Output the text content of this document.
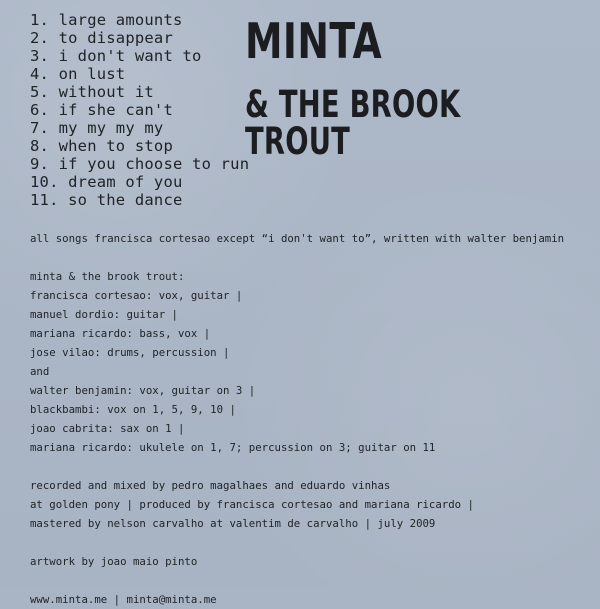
1. large amounts
2. to disappear
3. i don't want to
4. on lust
5. without it
6. if she can't
7. my my my my
8. when to stop
9. if you choose to run
10. dream of you
11. so the dance
MINTA
& THE BROOK TROUT
all songs francisca cortesao except “i don't want to”, written with walter benjamin
minta & the brook trout:
francisca cortesao: vox, guitar |
manuel dordio: guitar |
mariana ricardo: bass, vox |
jose vilao: drums, percussion |
and
walter benjamin: vox, guitar on 3 |
blackbambi: vox on 1, 5, 9, 10 |
joao cabrita: sax on 1 |
mariana ricardo: ukulele on 1, 7; percussion on 3; guitar on 11
recorded and mixed by pedro magalhaes and eduardo vinhas
at golden pony | produced by francisca cortesao and mariana ricardo |
mastered by nelson carvalho at valentim de carvalho | july 2009
artwork by joao maio pinto
www.minta.me | minta@minta.me
